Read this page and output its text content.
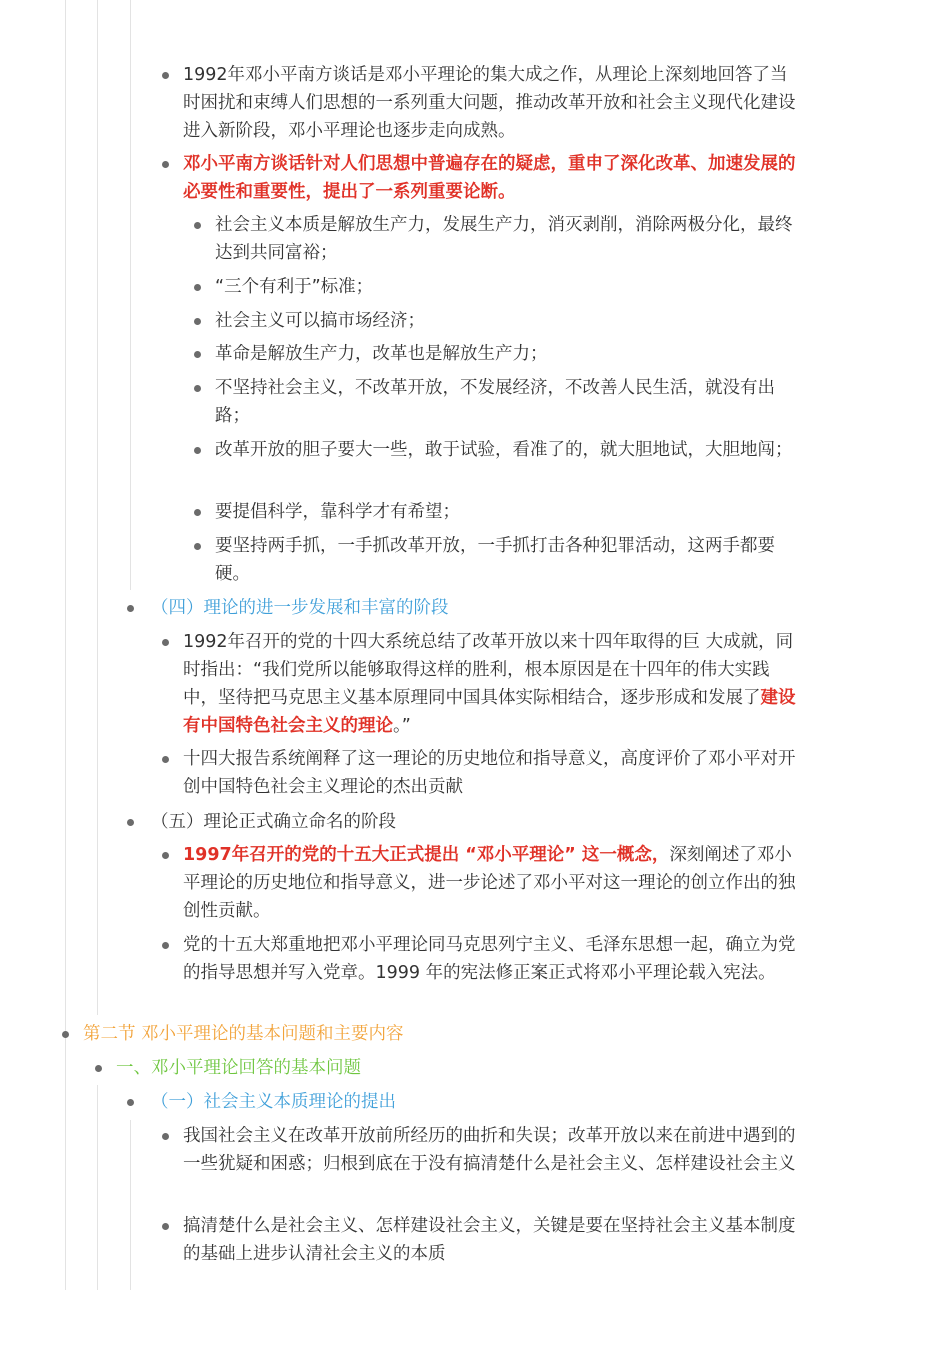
1992年邓小平南方谈话是邓小平理论的集大成之作，从理论上深刻地回答了当时困扰和束缚人们思想的一系列重大问题，推动改革开放和社会主义现代化建设进入新阶段，邓小平理论也逐步走向成熟。
邓小平南方谈话针对人们思想中普遍存在的疑虑，重申了深化改革、加速发展的必要性和重要性，提出了一系列重要论断。
社会主义本质是解放生产力，发展生产力，消灭剥削，消除两极分化，最终达到共同富裕；
“三个有利于”标准；
社会主义可以搞市场经济；
革命是解放生产力，改革也是解放生产力；
不坚持社会主义，不改革开放，不发展经济，不改善人民生活，就没有出路；
改革开放的胆子要大一些，敢于试验，看准了的，就大胆地试，大胆地闯；
要提倡科学，靠科学才有希望；
要坚持两手抓，一手抓改革开放，一手抓打击各种犯罪活动，这两手都要硬。
（四）理论的进一步发展和丰富的阶段
1992年召开的党的十四大系统总结了改革开放以来十四年取得的巨 大成就，同时指出：“我们党所以能够取得这样的胜利，根本原因是在十四年的伟大实践中，坚待把马克思主义基本原理同中国具体实际相结合，逐步形成和发展了建设有中国特色社会主义的理论。”
十四大报告系统阐释了这一理论的历史地位和指导意义，高度评价了邓小平对开创中国特色社会主义理论的杰出贡献
（五）理论正式确立命名的阶段
1997年召开的党的十五大正式提出 “邓小平理论” 这一概念，深刻阐述了邓小平理论的历史地位和指导意义，进一步论述了邓小平对这一理论的创立作出的独创性贡献。
党的十五大郑重地把邓小平理论同马克思列宁主义、毛泽东思想一起，确立为党的指导思想并写入党章。1999 年的宪法修正案正式将邓小平理论载入宪法。
第二节 邓小平理论的基本问题和主要内容
一、邓小平理论回答的基本问题
（一）社会主义本质理论的提出
我国社会主义在改革开放前所经历的曲折和失误；改革开放以来在前进中遇到的一些犹疑和困惑；归根到底在于没有搞清楚什么是社会主义、怎样建设社会主义
搞清楚什么是社会主义、怎样建设社会主义，关键是要在坚持社会主义基本制度的基础上进步认清社会主义的本质
